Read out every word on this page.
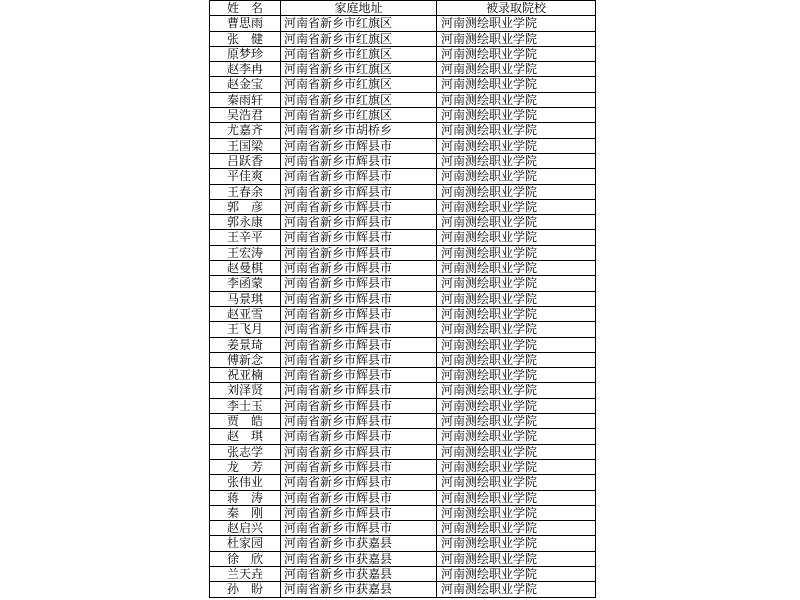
姓　名	家庭地址	被录取院校
曹思雨	河南省新乡市红旗区	河南测绘职业学院
张　健	河南省新乡市红旗区	河南测绘职业学院
原梦珍	河南省新乡市红旗区	河南测绘职业学院
赵李冉	河南省新乡市红旗区	河南测绘职业学院
赵金宝	河南省新乡市红旗区	河南测绘职业学院
秦雨轩	河南省新乡市红旗区	河南测绘职业学院
吴浩君	河南省新乡市红旗区	河南测绘职业学院
尤嘉齐	河南省新乡市胡桥乡	河南测绘职业学院
王国梁	河南省新乡市辉县市	河南测绘职业学院
吕跃香	河南省新乡市辉县市	河南测绘职业学院
平佳爽	河南省新乡市辉县市	河南测绘职业学院
王春余	河南省新乡市辉县市	河南测绘职业学院
郭　彦	河南省新乡市辉县市	河南测绘职业学院
郭永康	河南省新乡市辉县市	河南测绘职业学院
王辛平	河南省新乡市辉县市	河南测绘职业学院
王宏涛	河南省新乡市辉县市	河南测绘职业学院
赵曼棋	河南省新乡市辉县市	河南测绘职业学院
李函蒙	河南省新乡市辉县市	河南测绘职业学院
马景琪	河南省新乡市辉县市	河南测绘职业学院
赵亚雪	河南省新乡市辉县市	河南测绘职业学院
王飞月	河南省新乡市辉县市	河南测绘职业学院
姜景琦	河南省新乡市辉县市	河南测绘职业学院
傅新念	河南省新乡市辉县市	河南测绘职业学院
祝亚楠	河南省新乡市辉县市	河南测绘职业学院
刘泽贤	河南省新乡市辉县市	河南测绘职业学院
李士玉	河南省新乡市辉县市	河南测绘职业学院
贾　皓	河南省新乡市辉县市	河南测绘职业学院
赵　琪	河南省新乡市辉县市	河南测绘职业学院
张志学	河南省新乡市辉县市	河南测绘职业学院
龙　芳	河南省新乡市辉县市	河南测绘职业学院
张伟业	河南省新乡市辉县市	河南测绘职业学院
蒋　涛	河南省新乡市辉县市	河南测绘职业学院
秦　刚	河南省新乡市辉县市	河南测绘职业学院
赵启兴	河南省新乡市辉县市	河南测绘职业学院
杜家园	河南省新乡市获嘉县	河南测绘职业学院
徐　欣	河南省新乡市获嘉县	河南测绘职业学院
兰天垚	河南省新乡市获嘉县	河南测绘职业学院
孙　盼	河南省新乡市获嘉县	河南测绘职业学院
